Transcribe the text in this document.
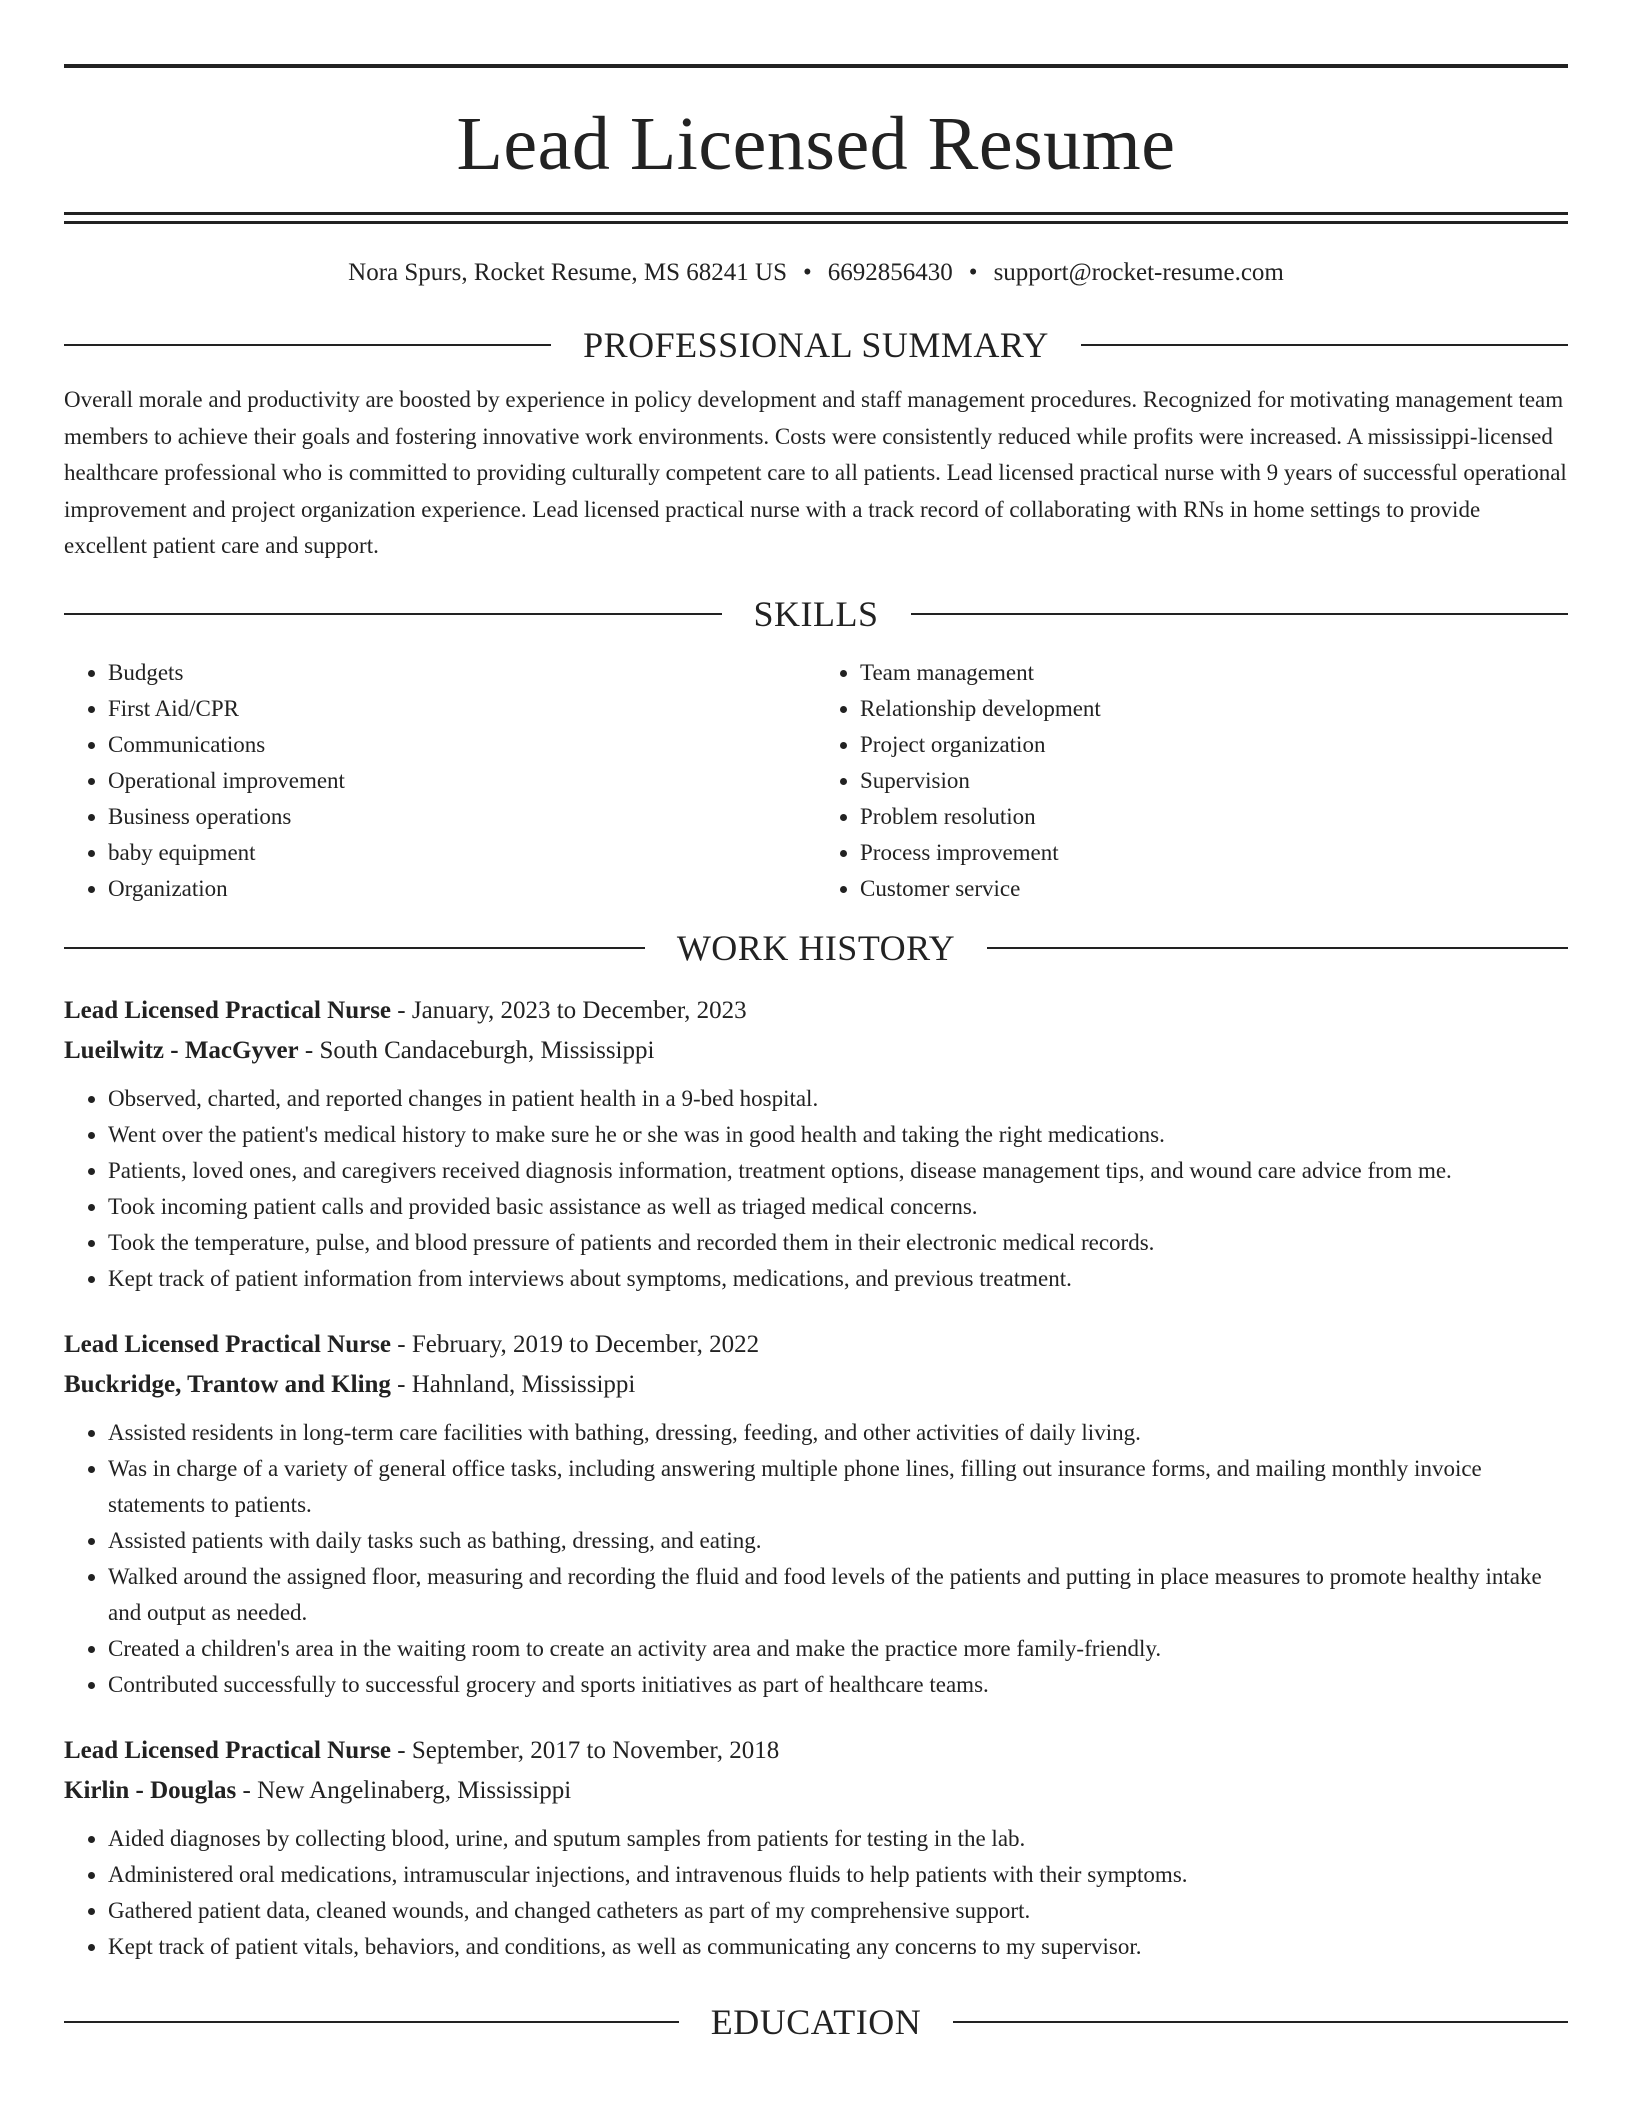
Lead Licensed Resume
Nora Spurs, Rocket Resume, MS 68241 US • 6692856430 • support@rocket-resume.com
PROFESSIONAL SUMMARY

Overall morale and productivity are boosted by experience in policy development and staff management procedures. Recognized for motivating management team members to achieve their goals and fostering innovative work environments. Costs were consistently reduced while profits were increased. A mississippi-licensed healthcare professional who is committed to providing culturally competent care to all patients. Lead licensed practical nurse with 9 years of successful operational improvement and project organization experience. Lead licensed practical nurse with a track record of collaborating with RNs in home settings to provide excellent patient care and support.

SKILLS
• Budgets
• First Aid/CPR
• Communications
• Operational improvement
• Business operations
• baby equipment
• Organization
• Team management
• Relationship development
• Project organization
• Supervision
• Problem resolution
• Process improvement
• Customer service
WORK HISTORY
Lead Licensed Practical Nurse - January, 2023 to December, 2023
Lueilwitz - MacGyver - South Candaceburgh, Mississippi
• Observed, charted, and reported changes in patient health in a 9-bed hospital.
• Went over the patient's medical history to make sure he or she was in good health and taking the right medications.
• Patients, loved ones, and caregivers received diagnosis information, treatment options, disease management tips, and wound care advice from me.
• Took incoming patient calls and provided basic assistance as well as triaged medical concerns.
• Took the temperature, pulse, and blood pressure of patients and recorded them in their electronic medical records.
• Kept track of patient information from interviews about symptoms, medications, and previous treatment.
Lead Licensed Practical Nurse - February, 2019 to December, 2022
Buckridge, Trantow and Kling - Hahnland, Mississippi
• Assisted residents in long-term care facilities with bathing, dressing, feeding, and other activities of daily living.
• Was in charge of a variety of general office tasks, including answering multiple phone lines, filling out insurance forms, and mailing monthly invoice statements to patients.
• Assisted patients with daily tasks such as bathing, dressing, and eating.
• Walked around the assigned floor, measuring and recording the fluid and food levels of the patients and putting in place measures to promote healthy intake and output as needed.
• Created a children's area in the waiting room to create an activity area and make the practice more family-friendly.
• Contributed successfully to successful grocery and sports initiatives as part of healthcare teams.
Lead Licensed Practical Nurse - September, 2017 to November, 2018
Kirlin - Douglas - New Angelinaberg, Mississippi
• Aided diagnoses by collecting blood, urine, and sputum samples from patients for testing in the lab.
• Administered oral medications, intramuscular injections, and intravenous fluids to help patients with their symptoms.
• Gathered patient data, cleaned wounds, and changed catheters as part of my comprehensive support.
• Kept track of patient vitals, behaviors, and conditions, as well as communicating any concerns to my supervisor.
EDUCATION
